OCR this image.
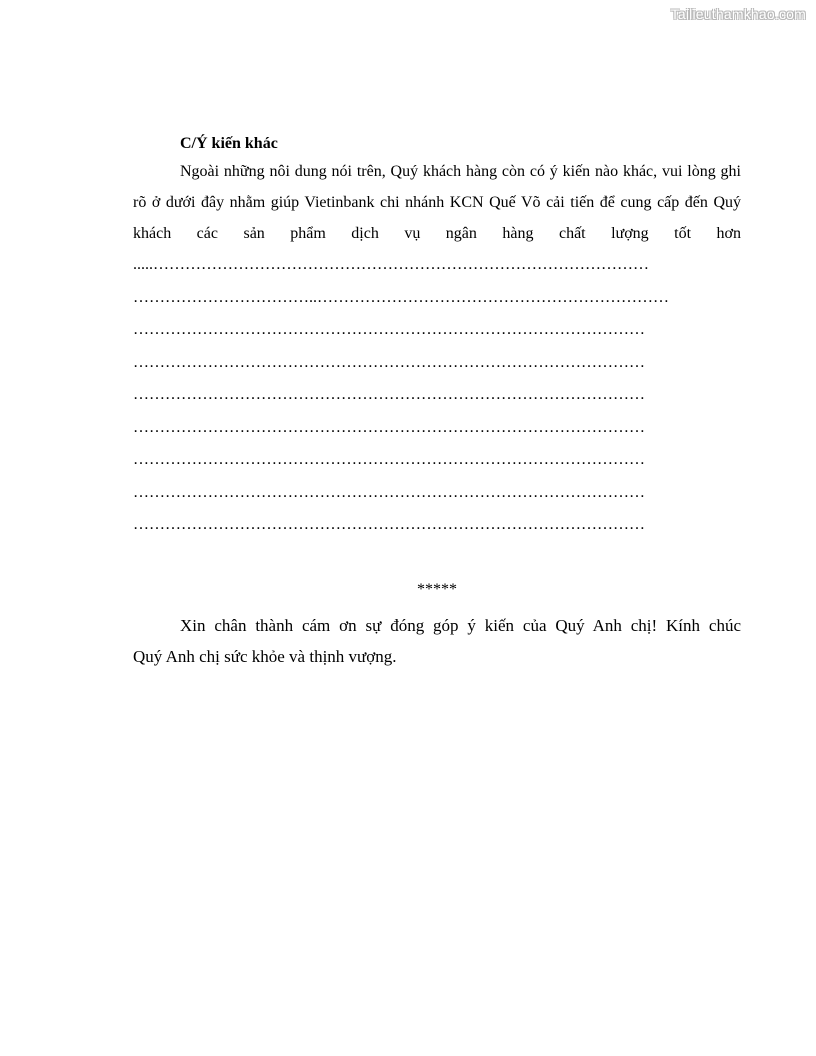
Tailieuthamkhao.com
C/Ý kiến khác

Ngoài những nôi dung nói trên, Quý khách hàng còn có ý kiến nào khác, vui lòng ghi rõ ở dưới đây nhằm giúp Vietinbank chi nhánh KCN Quế Võ cải tiến để cung cấp đến Quý khách các sản phẩm dịch vụ ngân hàng chất lượng tốt hơn

.....…………………………………………………………………………………
……………………………..…………………………………………………………
……………………………………………………………………………………
……………………………………………………………………………………
……………………………………………………………………………………
……………………………………………………………………………………
……………………………………………………………………………………
……………………………………………………………………………………
……………………………………………………………………………………
*****

Xin chân thành cám ơn sự đóng góp ý kiến của Quý Anh chị! Kính chúc
Quý Anh chị sức khỏe và thịnh vượng.
